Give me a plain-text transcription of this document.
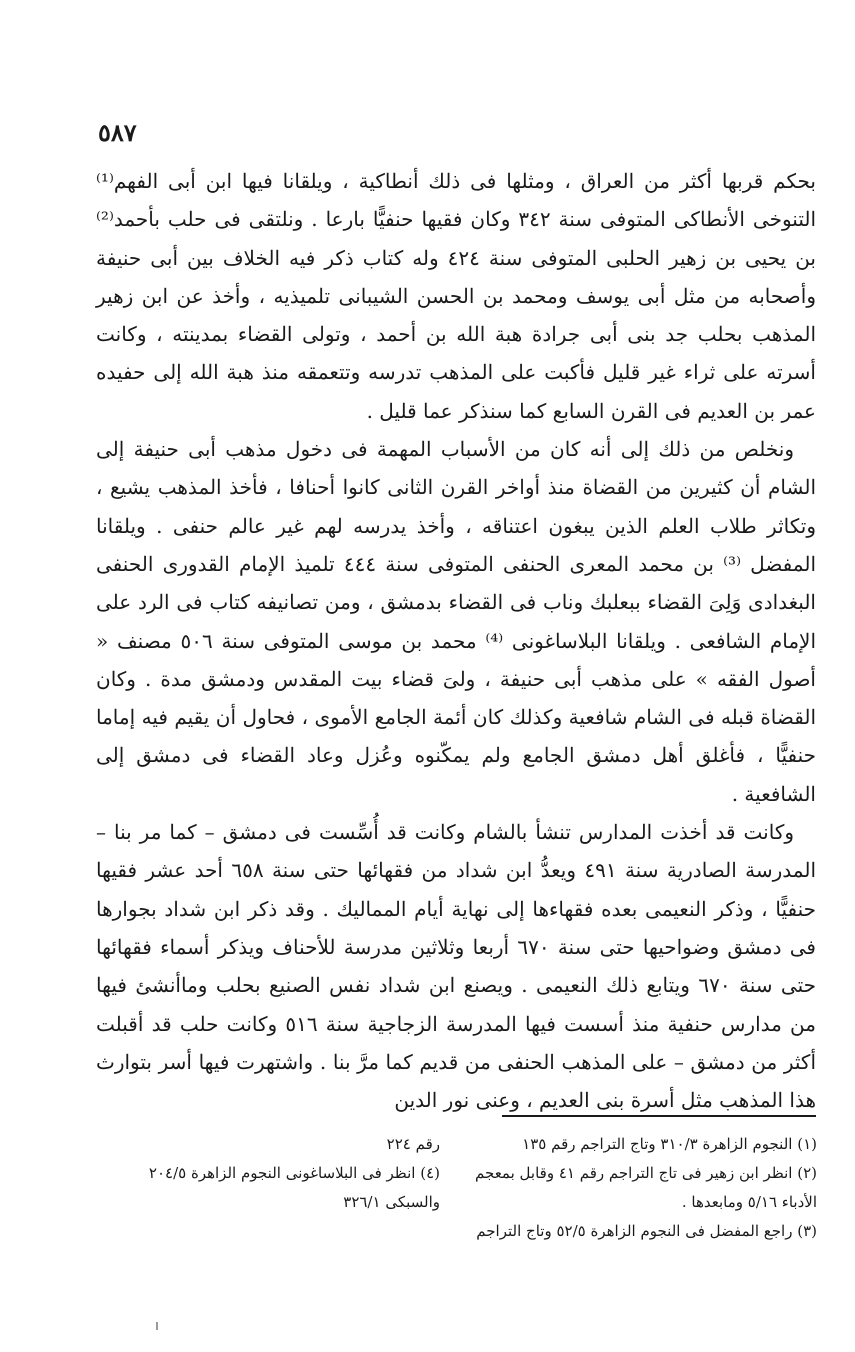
٥٨٧

بحكم قربها أكثر من العراق ، ومثلها فى ذلك أنطاكية ، ويلقانا فيها ابن أبى الفهم⁽¹⁾ التنوخى الأنطاكى المتوفى سنة ٣٤٢ وكان فقيها حنفيًّا بارعا . ونلتقى فى حلب بأحمد⁽²⁾ بن يحيى بن زهير الحلبى المتوفى سنة ٤٢٤ وله كتاب ذكر فيه الخلاف بين أبى حنيفة وأصحابه من مثل أبى يوسف ومحمد بن الحسن الشيبانى تلميذيه ، وأخذ عن ابن زهير المذهب بحلب جد بنى أبى جرادة هبة الله بن أحمد ، وتولى القضاء بمدينته ، وكانت أسرته على ثراء غير قليل فأكبت على المذهب تدرسه وتتعمقه منذ هبة الله إلى حفيده عمر بن العديم فى القرن السابع كما سنذكر عما قليل .

ونخلص من ذلك إلى أنه كان من الأسباب المهمة فى دخول مذهب أبى حنيفة إلى الشام أن كثيرين من القضاة منذ أواخر القرن الثانى كانوا أحنافا ، فأخذ المذهب يشيع ، وتكاثر طلاب العلم الذين يبغون اعتناقه ، وأخذ يدرسه لهم غير عالم حنفى . ويلقانا المفضل ⁽³⁾ بن محمد المعرى الحنفى المتوفى سنة ٤٤٤ تلميذ الإمام القدورى الحنفى البغدادى وَلِىَ القضاء ببعلبك وناب فى القضاء بدمشق ، ومن تصانيفه كتاب فى الرد على الإمام الشافعى . ويلقانا البلاساغونى ⁽⁴⁾ محمد بن موسى المتوفى سنة ٥٠٦ مصنف « أصول الفقه » على مذهب أبى حنيفة ، ولىَ قضاء بيت المقدس ودمشق مدة . وكان القضاة قبله فى الشام شافعية وكذلك كان أئمة الجامع الأموى ، فحاول أن يقيم فيه إماما حنفيًّا ، فأغلق أهل دمشق الجامع ولم يمكّنوه وعُزل وعاد القضاء فى دمشق إلى الشافعية .

وكانت قد أخذت المدارس تنشأ بالشام وكانت قد أُسِّست فى دمشق – كما مر بنا – المدرسة الصادرية سنة ٤٩١ ويعدُّ ابن شداد من فقهائها حتى سنة ٦٥٨ أحد عشر فقيها حنفيًّا ، وذكر النعيمى بعده فقهاءها إلى نهاية أيام المماليك . وقد ذكر ابن شداد بجوارها فى دمشق وضواحيها حتى سنة ٦٧٠ أربعا وثلاثين مدرسة للأحناف ويذكر أسماء فقهائها حتى سنة ٦٧٠ ويتابع ذلك النعيمى . ويصنع ابن شداد نفس الصنيع بحلب وماأنشئ فيها من مدارس حنفية منذ أسست فيها المدرسة الزجاجية سنة ٥١٦ وكانت حلب قد أقبلت أكثر من دمشق – على المذهب الحنفى من قديم كما مرَّ بنا . واشتهرت فيها أسر بتوارث هذا المذهب مثل أسرة بنى العديم ، وعنى نور الدين

(١) النجوم الزاهرة ٣١٠/٣ وتاج التراجم رقم ١٣٥
(٢) انظر ابن زهير فى تاج التراجم رقم ٤١ وقابل بمعجم
الأدباء ٥/١٦ ومابعدها .
(٣) راجع المفضل فى النجوم الزاهرة ٥٢/٥ وتاج التراجم
رقم ٢٢٤
(٤) انظر فى البلاساغونى النجوم الزاهرة ٢٠٤/٥
والسبكى ٣٢٦/١
